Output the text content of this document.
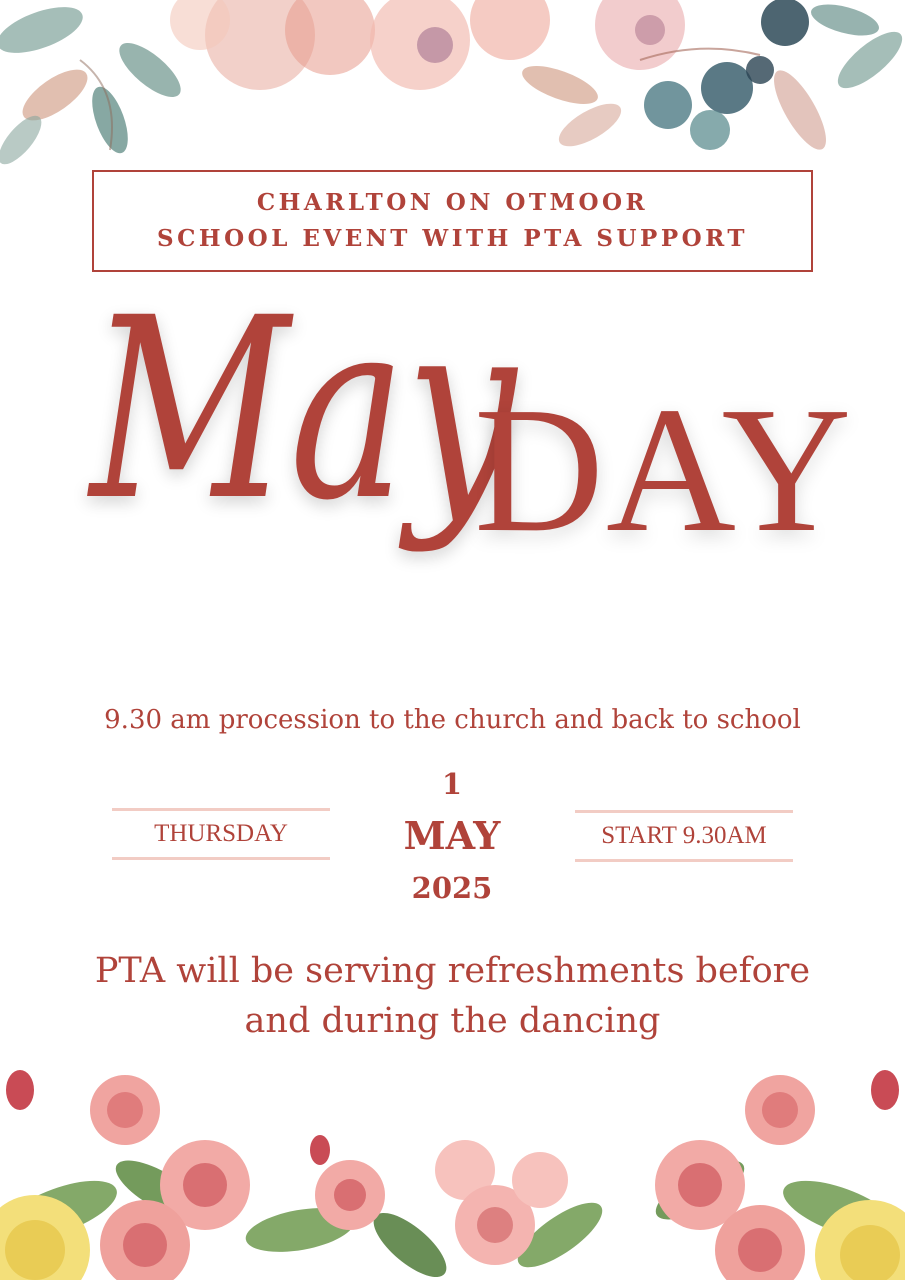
CHARLTON ON OTMOOR
SCHOOL EVENT WITH PTA SUPPORT
May
DAY
9.30 am procession to the church and back to school
THURSDAY
1
MAY
2025
START 9.30AM
PTA will be serving refreshments before
and during the dancing
